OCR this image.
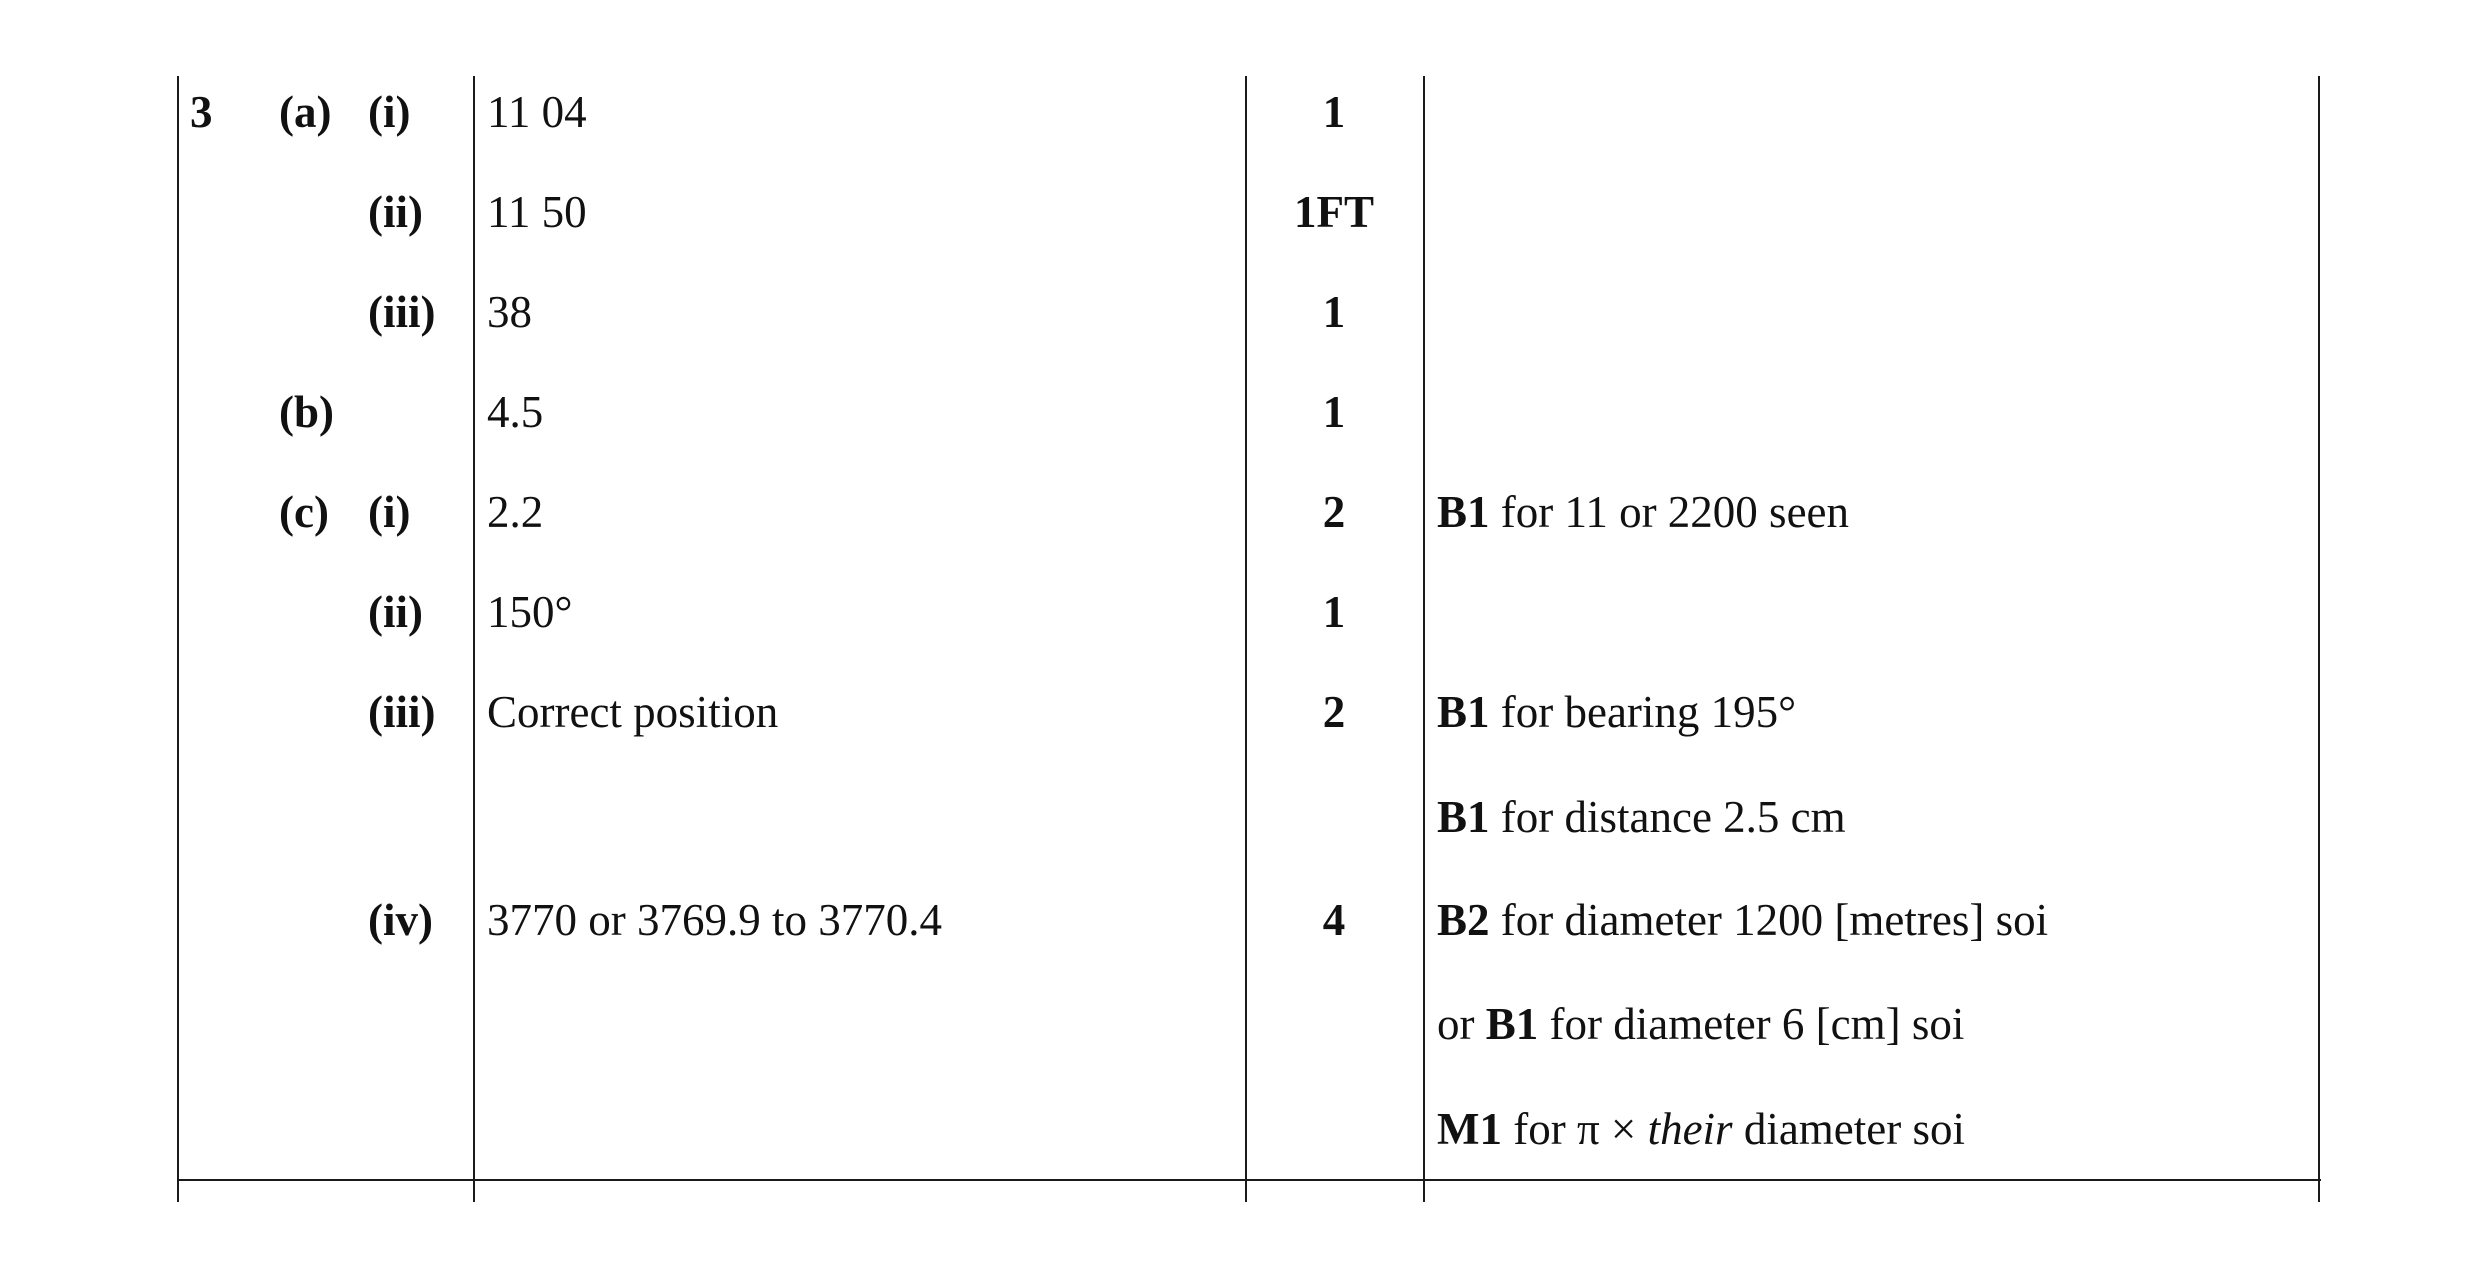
3 (a) (i) 11 04	1
(ii) 11 50	1FT
(iii) 38	1
(b)	4.5	1
(c) (i) 2.2	2	B1 for 11 or 2200 seen
(ii) 150°	1
(iii) Correct position	2	B1 for bearing 195°
B1 for distance 2.5 cm
(iv) 3770 or 3769.9 to 3770.4	4	B2 for diameter 1200 [metres] soi
or B1 for diameter 6 [cm] soi
M1 for π × their diameter soi
